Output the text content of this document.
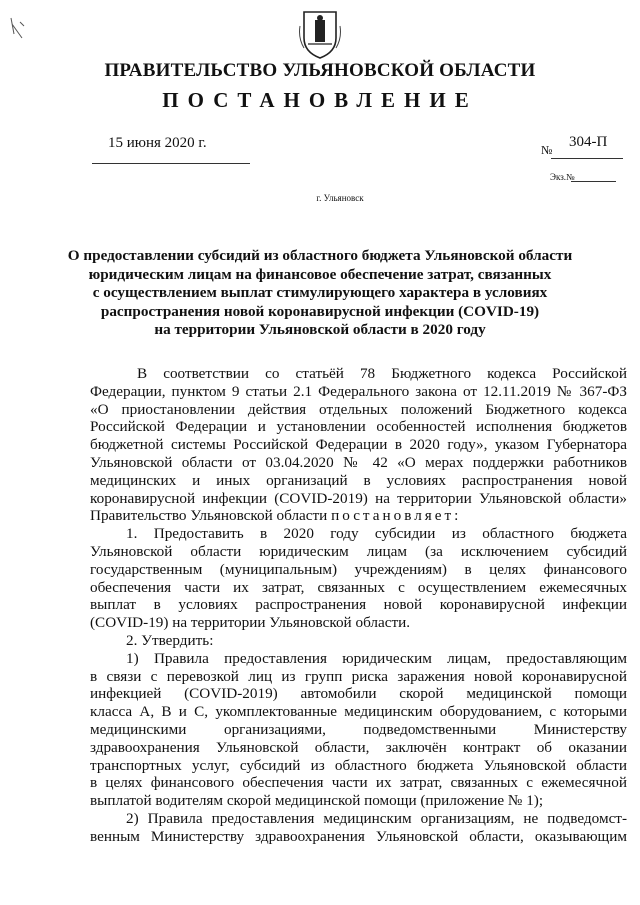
ПРАВИТЕЛЬСТВО УЛЬЯНОВСКОЙ ОБЛАСТИ
ПОСТАНОВЛЕНИЕ
15 июня 2020 г.	№ 304-П
Экз.№
г. Ульяновск
О предоставлении субсидий из областного бюджета Ульяновской области
юридическим лицам на финансовое обеспечение затрат, связанных
с осуществлением выплат стимулирующего характера в условиях
распространения новой коронавирусной инфекции (COVID-19)
на территории Ульяновской области в 2020 году
В соответствии со статьёй 78 Бюджетного кодекса Российской
Федерации, пунктом 9 статьи 2.1 Федерального закона от 12.11.2019 № 367-ФЗ
«О приостановлении действия отдельных положений Бюджетного кодекса
Российской Федерации и установлении особенностей исполнения бюджетов
бюджетной системы Российской Федерации в 2020 году», указом Губернатора
Ульяновской области от 03.04.2020 № 42 «О мерах поддержки работников
медицинских и иных организаций в условиях распространения новой
коронавирусной инфекции (COVID-2019) на территории Ульяновской области»
Правительство Ульяновской области постановляет:
1. Предоставить в 2020 году субсидии из областного бюджета
Ульяновской области юридическим лицам (за исключением субсидий
государственным (муниципальным) учреждениям) в целях финансового
обеспечения части их затрат, связанных с осуществлением ежемесячных
выплат в условиях распространения новой коронавирусной инфекции
(COVID-19) на территории Ульяновской области.
2. Утвердить:
1) Правила предоставления юридическим лицам, предоставляющим
в связи с перевозкой лиц из групп риска заражения новой коронавирусной
инфекцией (COVID-2019) автомобили скорой медицинской помощи
класса А, В и С, укомплектованные медицинским оборудованием, с которыми
медицинскими организациями, подведомственными Министерству
здравоохранения Ульяновской области, заключён контракт об оказании
транспортных услуг, субсидий из областного бюджета Ульяновской области
в целях финансового обеспечения части их затрат, связанных с ежемесячной
выплатой водителям скорой медицинской помощи (приложение № 1);
2) Правила предоставления медицинским организациям, не подведомст-
венным Министерству здравоохранения Ульяновской области, оказывающим
